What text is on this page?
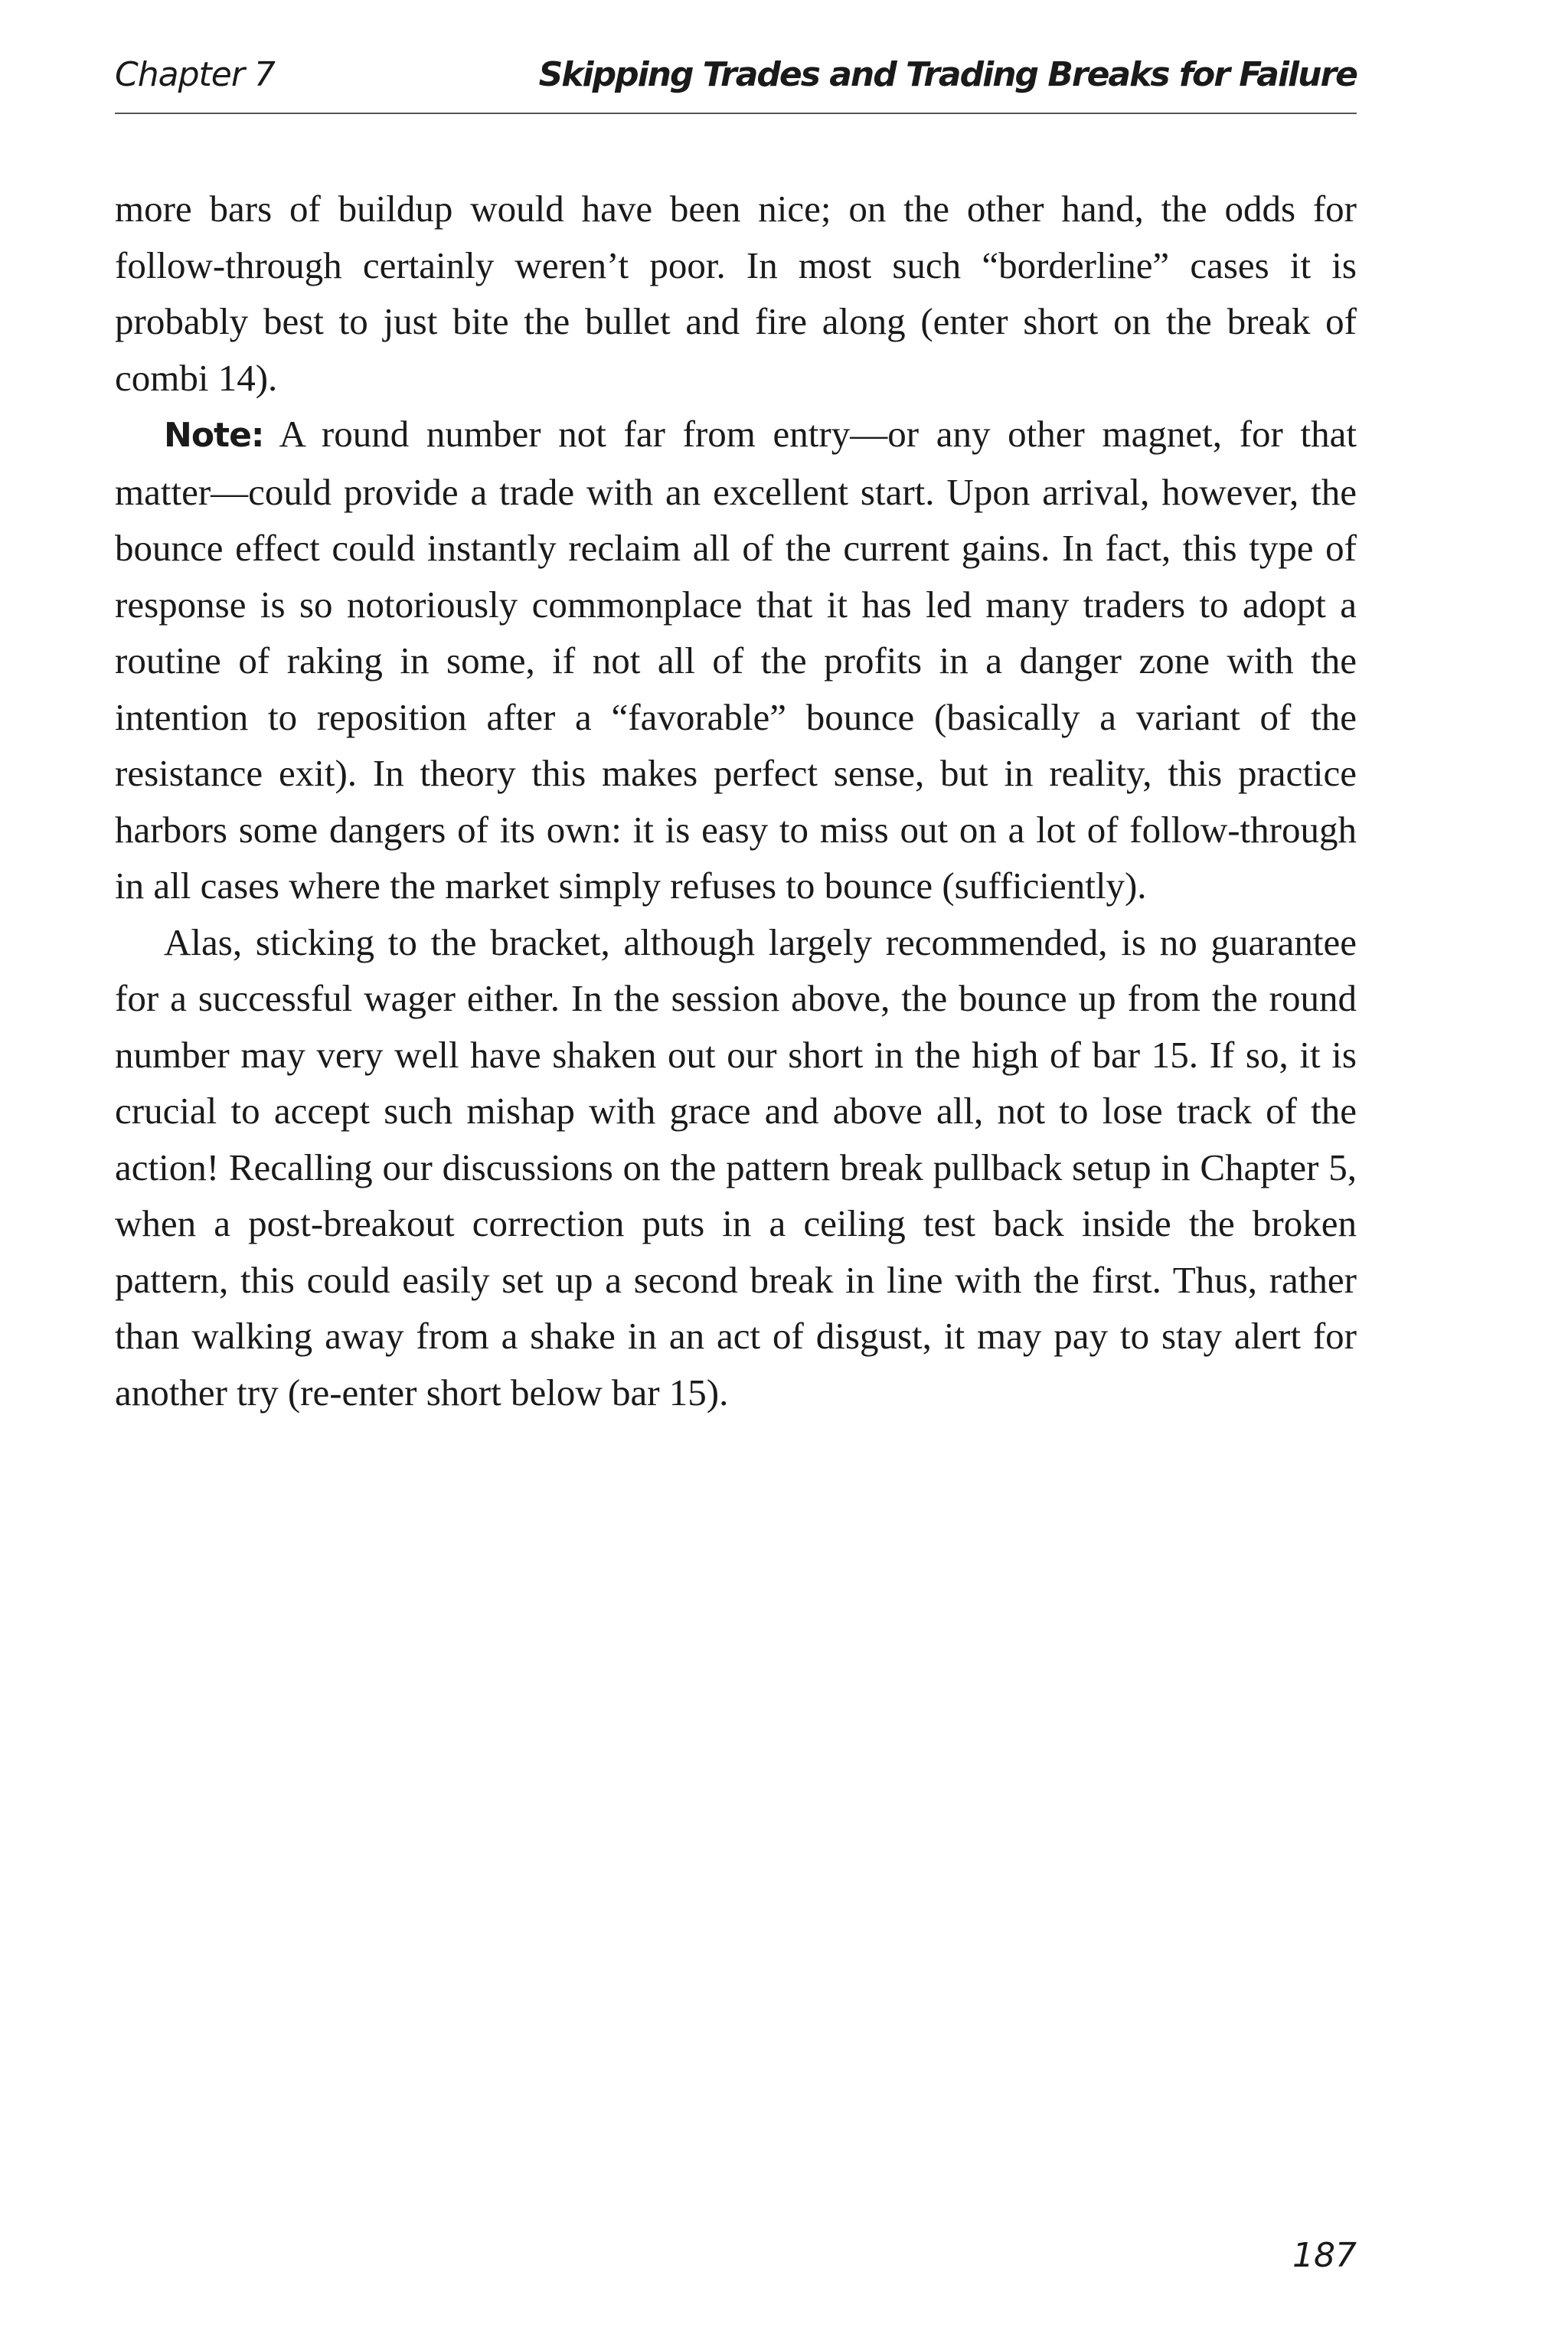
Chapter 7	Skipping Trades and Trading Breaks for Failure

more bars of buildup would have been nice; on the other hand, the odds for follow-through certainly weren’t poor. In most such “borderline” cases it is probably best to just bite the bullet and fire along (enter short on the break of combi 14).

Note: A round number not far from entry—or any other magnet, for that matter—could provide a trade with an excellent start. Upon arrival, however, the bounce effect could instantly reclaim all of the current gains. In fact, this type of response is so notoriously commonplace that it has led many traders to adopt a routine of raking in some, if not all of the profits in a danger zone with the intention to reposition after a “favorable” bounce (basically a variant of the resistance exit). In theory this makes perfect sense, but in reality, this practice harbors some dangers of its own: it is easy to miss out on a lot of follow-through in all cases where the market simply refuses to bounce (sufficiently).

Alas, sticking to the bracket, although largely recommended, is no guarantee for a successful wager either. In the session above, the bounce up from the round number may very well have shaken out our short in the high of bar 15. If so, it is crucial to accept such mishap with grace and above all, not to lose track of the action! Recalling our discussions on the pattern break pullback setup in Chapter 5, when a post-breakout correction puts in a ceiling test back inside the broken pattern, this could easily set up a second break in line with the first. Thus, rather than walking away from a shake in an act of disgust, it may pay to stay alert for another try (re-enter short below bar 15).

187
